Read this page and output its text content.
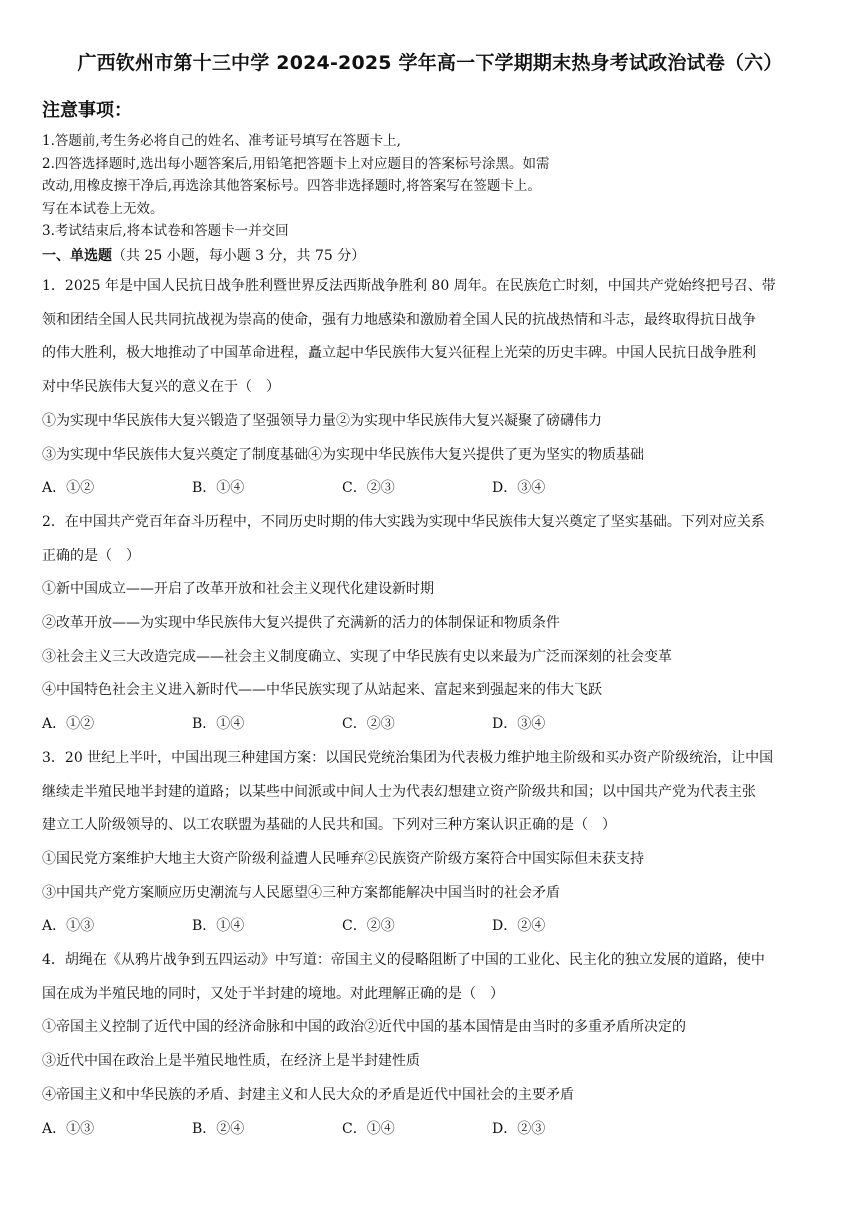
广西钦州市第十三中学 2024-2025 学年高一下学期期末热身考试政治试卷（六）
注意事项：
1.答题前,考生务必将自己的姓名、准考证号填写在答题卡上,
2.四答选择题时,选出每小题答案后,用铅笔把答题卡上对应题目的答案标号涂黑。如需
改动,用橡皮擦干净后,再选涂其他答案标号。四答非选择题时,将答案写在签题卡上。
写在本试卷上无效。
3.考试结束后,将本试卷和答题卡一并交回
一、单选题（共 25 小题，每小题 3 分，共 75 分）
1．2025 年是中国人民抗日战争胜利暨世界反法西斯战争胜利 80 周年。在民族危亡时刻，中国共产党始终把号召、带
领和团结全国人民共同抗战视为崇高的使命，强有力地感染和激励着全国人民的抗战热情和斗志，最终取得抗日战争
的伟大胜利，极大地推动了中国革命进程，矗立起中华民族伟大复兴征程上光荣的历史丰碑。中国人民抗日战争胜利
对中华民族伟大复兴的意义在于（　）
①为实现中华民族伟大复兴锻造了坚强领导力量②为实现中华民族伟大复兴凝聚了磅礴伟力
③为实现中华民族伟大复兴奠定了制度基础④为实现中华民族伟大复兴提供了更为坚实的物质基础
A．①②	B．①④	C．②③	D．③④
2．在中国共产党百年奋斗历程中，不同历史时期的伟大实践为实现中华民族伟大复兴奠定了坚实基础。下列对应关系
正确的是（　）
①新中国成立——开启了改革开放和社会主义现代化建设新时期
②改革开放——为实现中华民族伟大复兴提供了充满新的活力的体制保证和物质条件
③社会主义三大改造完成——社会主义制度确立、实现了中华民族有史以来最为广泛而深刻的社会变革
④中国特色社会主义进入新时代——中华民族实现了从站起来、富起来到强起来的伟大飞跃
A．①②	B．①④	C．②③	D．③④
3．20 世纪上半叶，中国出现三种建国方案：以国民党统治集团为代表极力维护地主阶级和买办资产阶级统治，让中国
继续走半殖民地半封建的道路；以某些中间派或中间人士为代表幻想建立资产阶级共和国；以中国共产党为代表主张
建立工人阶级领导的、以工农联盟为基础的人民共和国。下列对三种方案认识正确的是（　）
①国民党方案维护大地主大资产阶级利益遭人民唾弃②民族资产阶级方案符合中国实际但未获支持
③中国共产党方案顺应历史潮流与人民愿望④三种方案都能解决中国当时的社会矛盾
A．①③	B．①④	C．②③	D．②④
4．胡绳在《从鸦片战争到五四运动》中写道：帝国主义的侵略阻断了中国的工业化、民主化的独立发展的道路，使中
国在成为半殖民地的同时，又处于半封建的境地。对此理解正确的是（　）
①帝国主义控制了近代中国的经济命脉和中国的政治②近代中国的基本国情是由当时的多重矛盾所决定的
③近代中国在政治上是半殖民地性质，在经济上是半封建性质
④帝国主义和中华民族的矛盾、封建主义和人民大众的矛盾是近代中国社会的主要矛盾
A．①③	B．②④	C．①④	D．②③
